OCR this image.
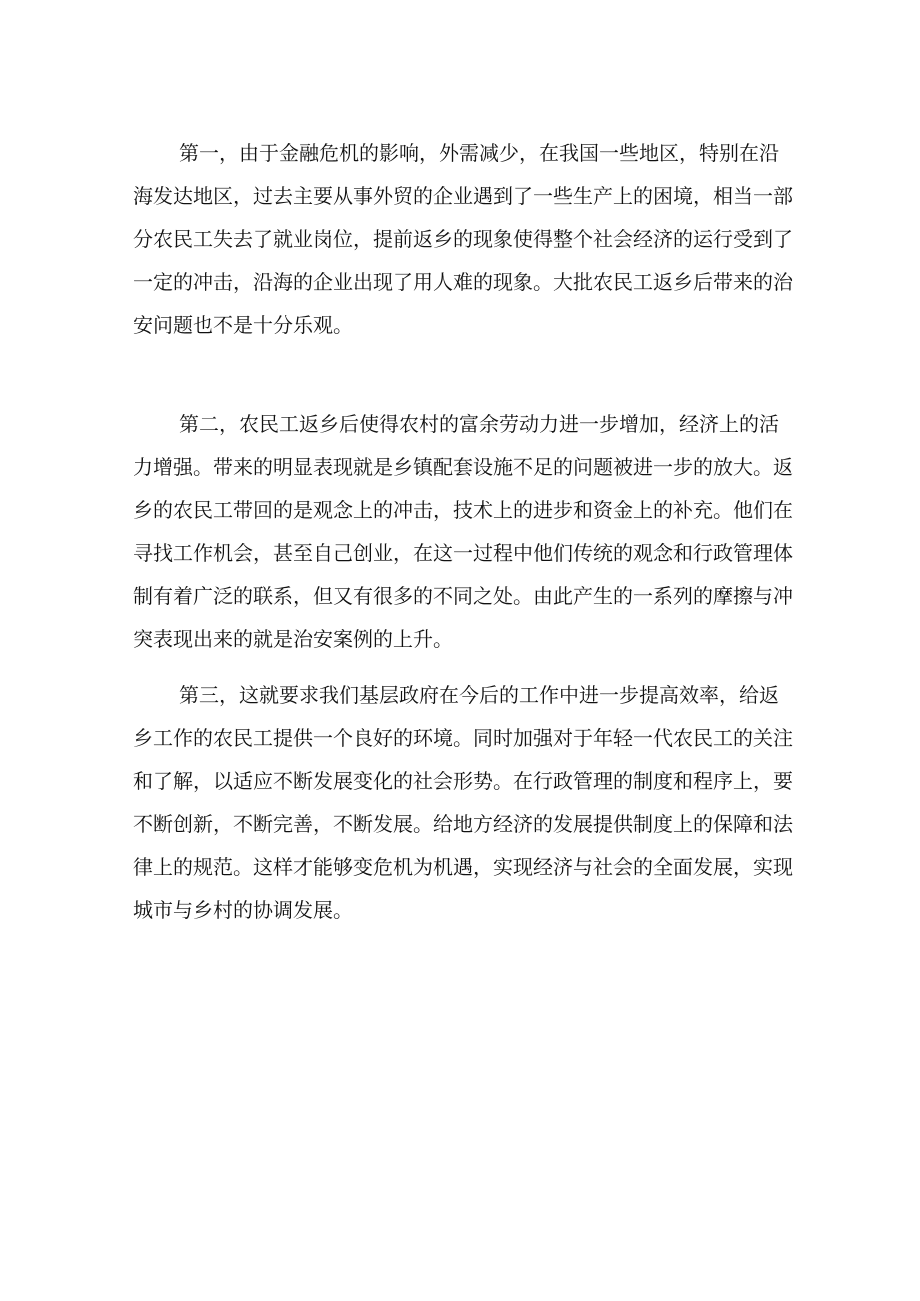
第一，由于金融危机的影响，外需减少，在我国一些地区，特别在沿
海发达地区，过去主要从事外贸的企业遇到了一些生产上的困境，相当一部
分农民工失去了就业岗位，提前返乡的现象使得整个社会经济的运行受到了
一定的冲击，沿海的企业出现了用人难的现象。大批农民工返乡后带来的治
安问题也不是十分乐观。
第二，农民工返乡后使得农村的富余劳动力进一步增加，经济上的活
力增强。带来的明显表现就是乡镇配套设施不足的问题被进一步的放大。返
乡的农民工带回的是观念上的冲击，技术上的进步和资金上的补充。他们在
寻找工作机会，甚至自己创业，在这一过程中他们传统的观念和行政管理体
制有着广泛的联系，但又有很多的不同之处。由此产生的一系列的摩擦与冲
突表现出来的就是治安案例的上升。
第三，这就要求我们基层政府在今后的工作中进一步提高效率，给返
乡工作的农民工提供一个良好的环境。同时加强对于年轻一代农民工的关注
和了解，以适应不断发展变化的社会形势。在行政管理的制度和程序上，要
不断创新，不断完善，不断发展。给地方经济的发展提供制度上的保障和法
律上的规范。这样才能够变危机为机遇，实现经济与社会的全面发展，实现
城市与乡村的协调发展。
